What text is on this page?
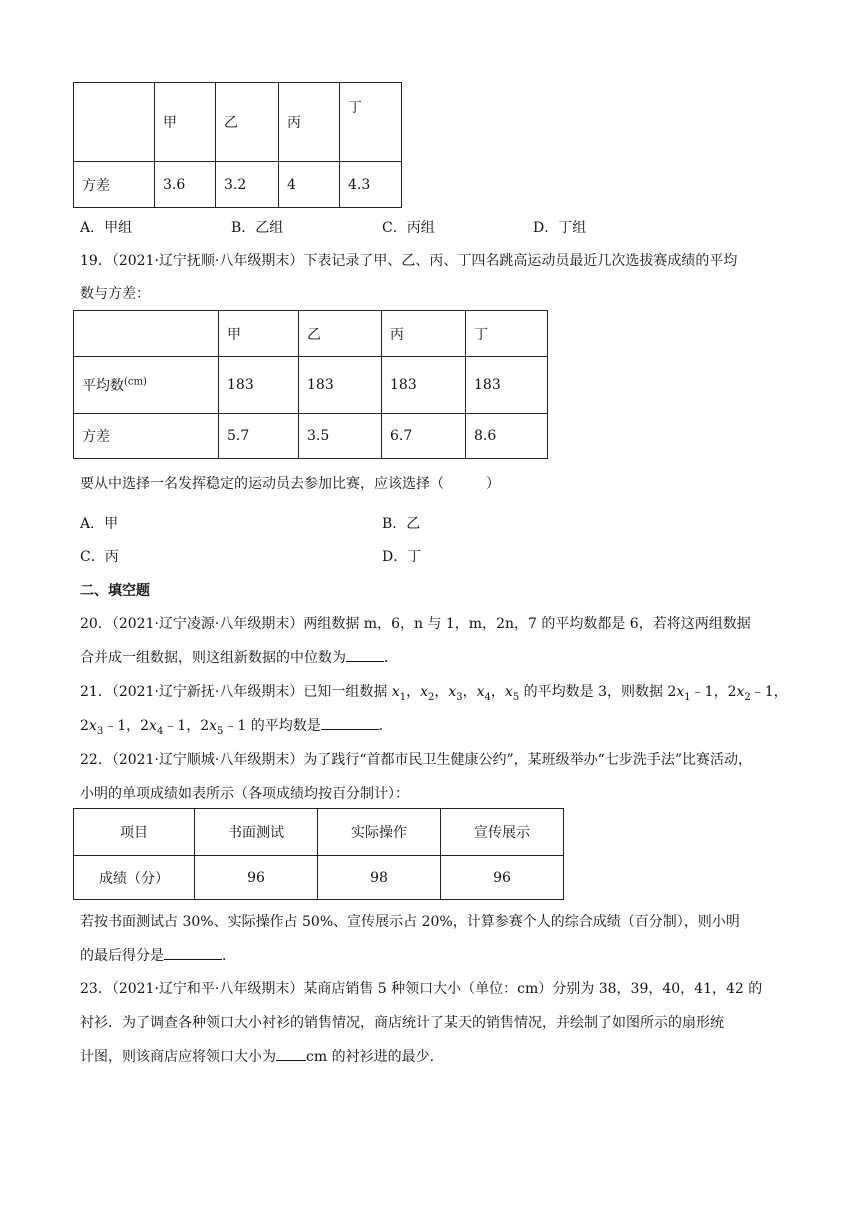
	甲	乙	丙	丁
方差	3.6	3.2	4	4.3
A．甲组	B．乙组	C．丙组	D．丁组
19．（2021·辽宁抚顺·八年级期末）下表记录了甲、乙、丙、丁四名跳高运动员最近几次选拔赛成绩的平均
数与方差：
	甲	乙	丙	丁
平均数$^{(cm)}$	183	183	183	183
方差	5.7	3.5	6.7	8.6
要从中选择一名发挥稳定的运动员去参加比赛，应该选择（　　　）
A．甲	B．乙
C．丙	D．丁
二、填空题
20．（2021·辽宁凌源·八年级期末）两组数据 m，6，n 与 1，m，2n，7 的平均数都是 6，若将这两组数据
合并成一组数据，则这组新数据的中位数为	．
21．（2021·辽宁新抚·八年级期末）已知一组数据 $x_1$，$x_2$，$x_3$，$x_4$，$x_5$ 的平均数是 3，则数据 $2x_1﹣1$，$2x_2﹣1$，
$2x_3﹣1$，$2x_4﹣1$，$2x_5﹣1$ 的平均数是	．
22．（2021·辽宁顺城·八年级期末）为了践行“首都市民卫生健康公约”，某班级举办“七步洗手法”比赛活动，
小明的单项成绩如表所示（各项成绩均按百分制计）：
项目	书面测试	实际操作	宣传展示
成绩（分）	96	98	96
若按书面测试占 30%、实际操作占 50%、宣传展示占 20%，计算参赛个人的综合成绩（百分制），则小明
的最后得分是	．
23．（2021·辽宁和平·八年级期末）某商店销售 5 种领口大小（单位：cm）分别为 38，39，40，41，42 的
衬衫．为了调查各种领口大小衬衫的销售情况，商店统计了某天的销售情况，并绘制了如图所示的扇形统
计图，则该商店应将领口大小为 cm 的衬衫进的最少．
